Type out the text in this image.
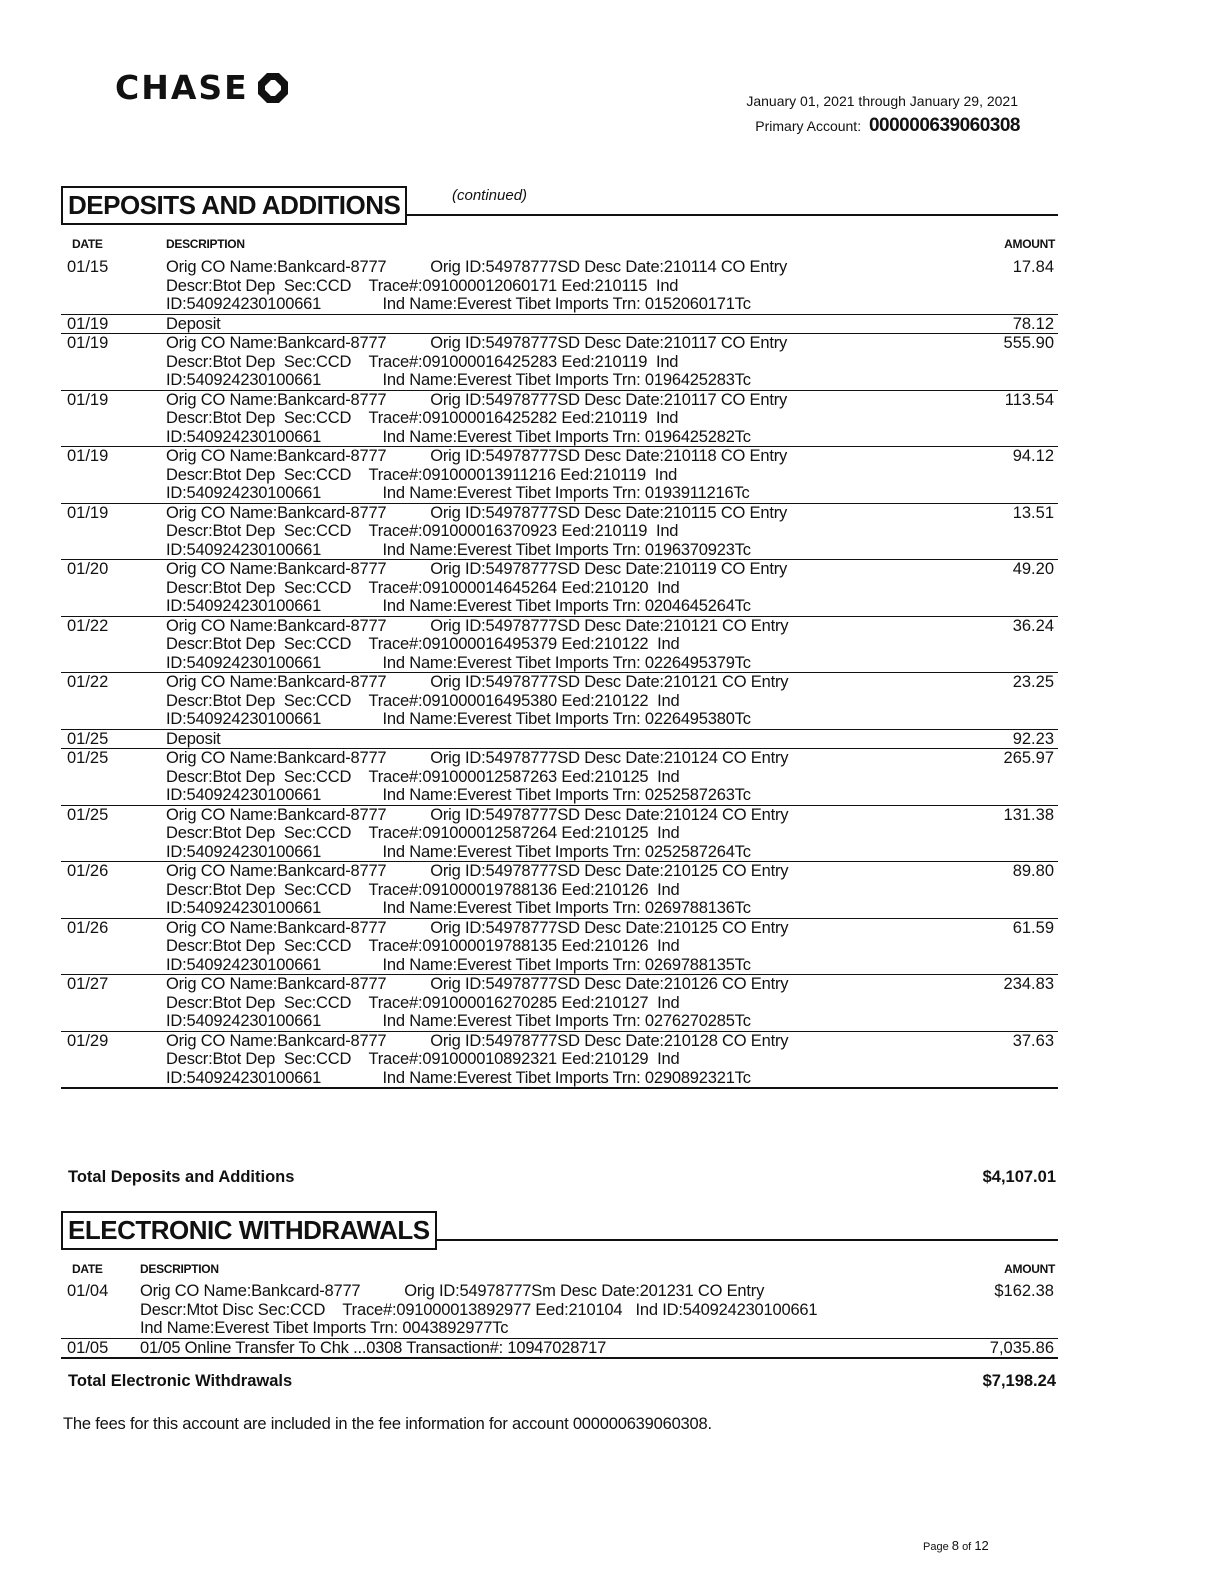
CHASE	January 01, 2021 through January 29, 2021
Primary Account: 000000639060308
DEPOSITS AND ADDITIONS	(continued)
DATE	DESCRIPTION	AMOUNT
01/15	Orig CO Name:Bankcard-8777          Orig ID:54978777SD Desc Date:210114 CO Entry
Descr:Btot Dep  Sec:CCD    Trace#:091000012060171 Eed:210115  Ind
ID:540924230100661              Ind Name:Everest Tibet Imports Trn: 0152060171Tc	17.84
01/19	Deposit	78.12
01/19	Orig CO Name:Bankcard-8777          Orig ID:54978777SD Desc Date:210117 CO Entry
Descr:Btot Dep  Sec:CCD    Trace#:091000016425283 Eed:210119  Ind
ID:540924230100661              Ind Name:Everest Tibet Imports Trn: 0196425283Tc	555.90
01/19	Orig CO Name:Bankcard-8777          Orig ID:54978777SD Desc Date:210117 CO Entry
Descr:Btot Dep  Sec:CCD    Trace#:091000016425282 Eed:210119  Ind
ID:540924230100661              Ind Name:Everest Tibet Imports Trn: 0196425282Tc	113.54
01/19	Orig CO Name:Bankcard-8777          Orig ID:54978777SD Desc Date:210118 CO Entry
Descr:Btot Dep  Sec:CCD    Trace#:091000013911216 Eed:210119  Ind
ID:540924230100661              Ind Name:Everest Tibet Imports Trn: 0193911216Tc	94.12
01/19	Orig CO Name:Bankcard-8777          Orig ID:54978777SD Desc Date:210115 CO Entry
Descr:Btot Dep  Sec:CCD    Trace#:091000016370923 Eed:210119  Ind
ID:540924230100661              Ind Name:Everest Tibet Imports Trn: 0196370923Tc	13.51
01/20	Orig CO Name:Bankcard-8777          Orig ID:54978777SD Desc Date:210119 CO Entry
Descr:Btot Dep  Sec:CCD    Trace#:091000014645264 Eed:210120  Ind
ID:540924230100661              Ind Name:Everest Tibet Imports Trn: 0204645264Tc	49.20
01/22	Orig CO Name:Bankcard-8777          Orig ID:54978777SD Desc Date:210121 CO Entry
Descr:Btot Dep  Sec:CCD    Trace#:091000016495379 Eed:210122  Ind
ID:540924230100661              Ind Name:Everest Tibet Imports Trn: 0226495379Tc	36.24
01/22	Orig CO Name:Bankcard-8777          Orig ID:54978777SD Desc Date:210121 CO Entry
Descr:Btot Dep  Sec:CCD    Trace#:091000016495380 Eed:210122  Ind
ID:540924230100661              Ind Name:Everest Tibet Imports Trn: 0226495380Tc	23.25
01/25	Deposit	92.23
01/25	Orig CO Name:Bankcard-8777          Orig ID:54978777SD Desc Date:210124 CO Entry
Descr:Btot Dep  Sec:CCD    Trace#:091000012587263 Eed:210125  Ind
ID:540924230100661              Ind Name:Everest Tibet Imports Trn: 0252587263Tc	265.97
01/25	Orig CO Name:Bankcard-8777          Orig ID:54978777SD Desc Date:210124 CO Entry
Descr:Btot Dep  Sec:CCD    Trace#:091000012587264 Eed:210125  Ind
ID:540924230100661              Ind Name:Everest Tibet Imports Trn: 0252587264Tc	131.38
01/26	Orig CO Name:Bankcard-8777          Orig ID:54978777SD Desc Date:210125 CO Entry
Descr:Btot Dep  Sec:CCD    Trace#:091000019788136 Eed:210126  Ind
ID:540924230100661              Ind Name:Everest Tibet Imports Trn: 0269788136Tc	89.80
01/26	Orig CO Name:Bankcard-8777          Orig ID:54978777SD Desc Date:210125 CO Entry
Descr:Btot Dep  Sec:CCD    Trace#:091000019788135 Eed:210126  Ind
ID:540924230100661              Ind Name:Everest Tibet Imports Trn: 0269788135Tc	61.59
01/27	Orig CO Name:Bankcard-8777          Orig ID:54978777SD Desc Date:210126 CO Entry
Descr:Btot Dep  Sec:CCD    Trace#:091000016270285 Eed:210127  Ind
ID:540924230100661              Ind Name:Everest Tibet Imports Trn: 0276270285Tc	234.83
01/29	Orig CO Name:Bankcard-8777          Orig ID:54978777SD Desc Date:210128 CO Entry
Descr:Btot Dep  Sec:CCD    Trace#:091000010892321 Eed:210129  Ind
ID:540924230100661              Ind Name:Everest Tibet Imports Trn: 0290892321Tc	37.63
Total Deposits and Additions	$4,107.01
ELECTRONIC WITHDRAWALS
DATE	DESCRIPTION	AMOUNT
01/04	Orig CO Name:Bankcard-8777          Orig ID:54978777Sm Desc Date:201231 CO Entry
Descr:Mtot Disc Sec:CCD    Trace#:091000013892977 Eed:210104   Ind ID:540924230100661
Ind Name:Everest Tibet Imports Trn: 0043892977Tc	$162.38
01/05	01/05 Online Transfer To Chk ...0308 Transaction#: 10947028717	7,035.86
Total Electronic Withdrawals	$7,198.24
The fees for this account are included in the fee information for account 000000639060308.
Page 8 of 12
